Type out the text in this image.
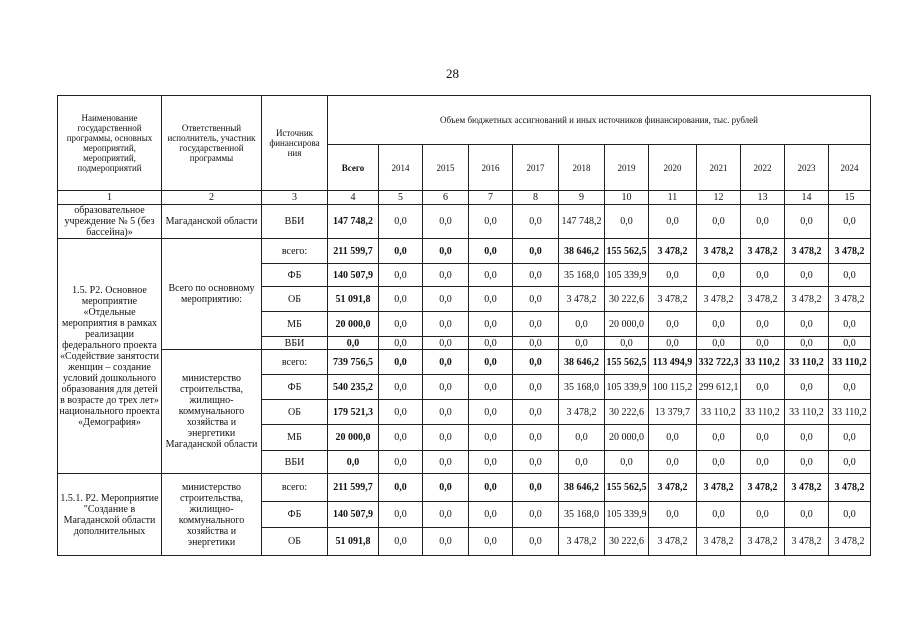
28
Наименование государственной программы, основных мероприятий, мероприятий, подмероприятий	Ответственный исполнитель, участник государственной программы	Источник финансирова ния	Объем бюджетных ассигнований и иных источников финансирования, тыс. рублей											
			Всего	2014	2015	2016	2017	2018	2019	2020	2021	2022	2023	2024
1	2	3	4	5	6	7	8	9	10	11	12	13	14	15
образовательное учреждение № 5 (без бассейна)»	Магаданской области	ВБИ	147 748,2	0,0	0,0	0,0	0,0	147 748,2	0,0	0,0	0,0	0,0	0,0	0,0
1.5. Р2. Основное мероприятие «Отдельные мероприятия в рамках реализации федерального проекта «Содействие занятости женщин – создание условий дошкольного образования для детей в возрасте до трех лет» национального проекта «Демография»	Всего по основному мероприятию:	всего:	211 599,7	0,0	0,0	0,0	0,0	38 646,2	155 562,5	3 478,2	3 478,2	3 478,2	3 478,2	3 478,2
		ФБ	140 507,9	0,0	0,0	0,0	0,0	35 168,0	105 339,9	0,0	0,0	0,0	0,0	0,0
		ОБ	51 091,8	0,0	0,0	0,0	0,0	3 478,2	30 222,6	3 478,2	3 478,2	3 478,2	3 478,2	3 478,2
		МБ	20 000,0	0,0	0,0	0,0	0,0	0,0	20 000,0	0,0	0,0	0,0	0,0	0,0
		ВБИ	0,0	0,0	0,0	0,0	0,0	0,0	0,0	0,0	0,0	0,0	0,0	0,0
	министерство строительства, жилищно-коммунального хозяйства и энергетики Магаданской области	всего:	739 756,5	0,0	0,0	0,0	0,0	38 646,2	155 562,5	113 494,9	332 722,3	33 110,2	33 110,2	33 110,2
		ФБ	540 235,2	0,0	0,0	0,0	0,0	35 168,0	105 339,9	100 115,2	299 612,1	0,0	0,0	0,0
		ОБ	179 521,3	0,0	0,0	0,0	0,0	3 478,2	30 222,6	13 379,7	33 110,2	33 110,2	33 110,2	33 110,2
		МБ	20 000,0	0,0	0,0	0,0	0,0	0,0	20 000,0	0,0	0,0	0,0	0,0	0,0
		ВБИ	0,0	0,0	0,0	0,0	0,0	0,0	0,0	0,0	0,0	0,0	0,0	0,0
1.5.1. Р2. Мероприятие "Создание в Магаданской области дополнительных	министерство строительства, жилищно-коммунального хозяйства и энергетики	всего:	211 599,7	0,0	0,0	0,0	0,0	38 646,2	155 562,5	3 478,2	3 478,2	3 478,2	3 478,2	3 478,2
		ФБ	140 507,9	0,0	0,0	0,0	0,0	35 168,0	105 339,9	0,0	0,0	0,0	0,0	0,0
		ОБ	51 091,8	0,0	0,0	0,0	0,0	3 478,2	30 222,6	3 478,2	3 478,2	3 478,2	3 478,2	3 478,2
